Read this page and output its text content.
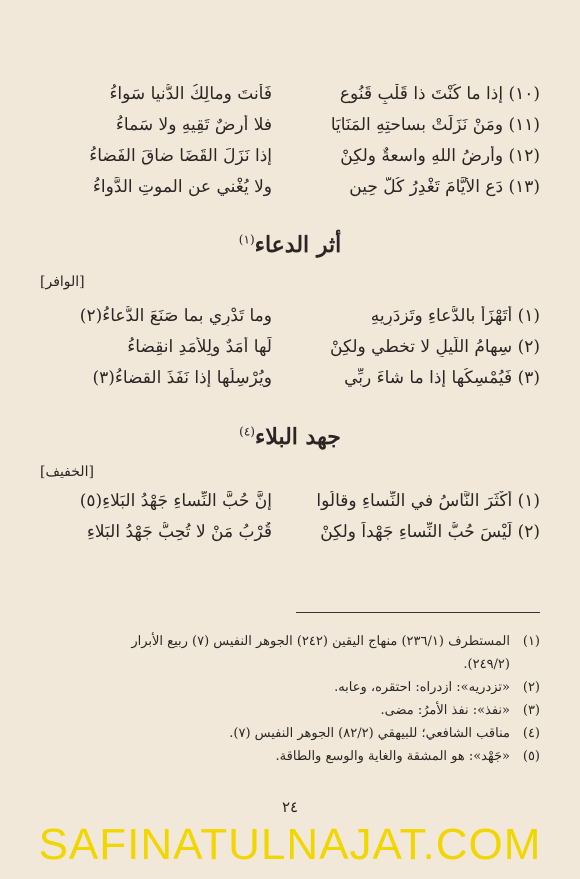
(١٠) إذا ما كُنْتَ ذا قَلْبٍ قَنُوعٍ
فَأنتَ ومالِكُ الدُّنيا سَواءُ
(١١) ومَنْ نَزَلَتْ بساحتِهِ المَنَايَا
فلا أرضٌ تَقِيهِ ولا سَماءُ
(١٢) وأرضُ اللهِ واسعةٌ ولكِنْ
إذا نَزَلَ القَضَا ضاقَ الفَضاءُ
(١٣) دَعِ الأيَّامَ تَغْدِرُ كُلَّ حِينٍ
ولا يُغْني عنِ الموتِ الدَّواءُ
أثر الدعاء$^{(١)}$
[الوافر]
(١) أتَهْزَأُ بالدُّعاءِ وتَزدَرِيهِ
وما تَدْرِي بما صَنَعَ الدُّعاءُ(٢)
(٢) سِهامُ اللَّيلِ لا تخطي ولكِنْ
لَها أَمَدٌ ولِلأمَدِ انقِضاءُ
(٣) فَيُمْسِكُها إذا ما شاءَ ربِّي
ويُرْسِلُها إذا نَفَذَ القضاءُ(٣)
جهد البلاء$^{(٤)}$
[الخفيف]
(١) أكْثَرَ النَّاسُ في النِّساءِ وقالُوا
إنَّ حُبَّ النِّساءِ جَهْدُ البَلاءِ(٥)
(٢) لَيْسَ حُبُّ النِّساءِ جَهْداً ولكِنْ
قُرْبُ مَنْ لا تُحِبُّ جَهْدُ البَلاءِ
(١)المستطرف (٢٣٦/١) منهاج اليقين (٢٤٢) الجوهر النفيس (٧) ربيع الأبرار
(٢٤٩/٢).
(٢)«تزدريه»: ازدراه: احتقره، وعابه.
(٣)«نفذ»: نفذ الأمرُ: مضى.
(٤)مناقب الشافعي؛ للبيهقي (٨٢/٢) الجوهر النفيس (٧).
(٥)«جَهْد»: هو المشقة والغاية والوسع والطاقة.
٢٤
SAFINATULNAJAT.COM
